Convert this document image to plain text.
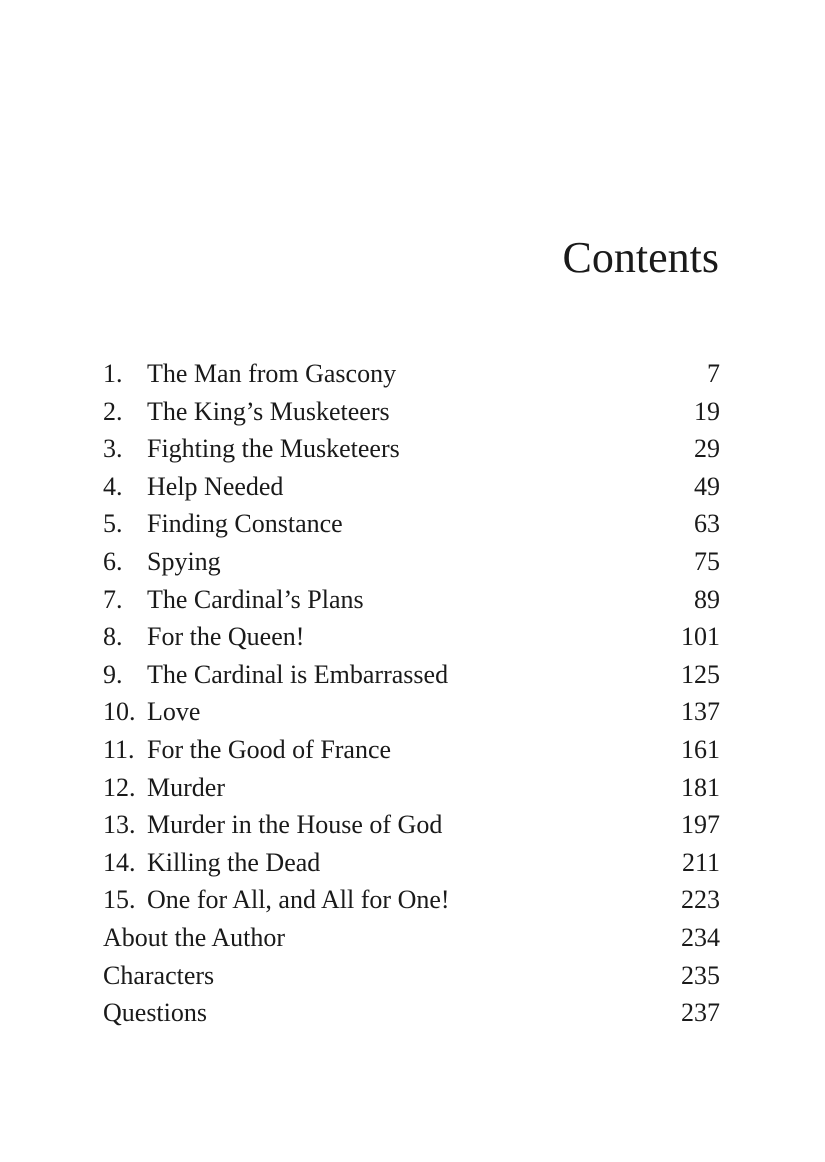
Contents
1. The Man from Gascony	7
2. The King’s Musketeers	19
3. Fighting the Musketeers	29
4. Help Needed	49
5. Finding Constance	63
6. Spying	75
7. The Cardinal’s Plans	89
8. For the Queen!	101
9. The Cardinal is Embarrassed	125
10. Love	137
11. For the Good of France	161
12. Murder	181
13. Murder in the House of God	197
14. Killing the Dead	211
15. One for All, and All for One!	223
About the Author	234
Characters	235
Questions	237
